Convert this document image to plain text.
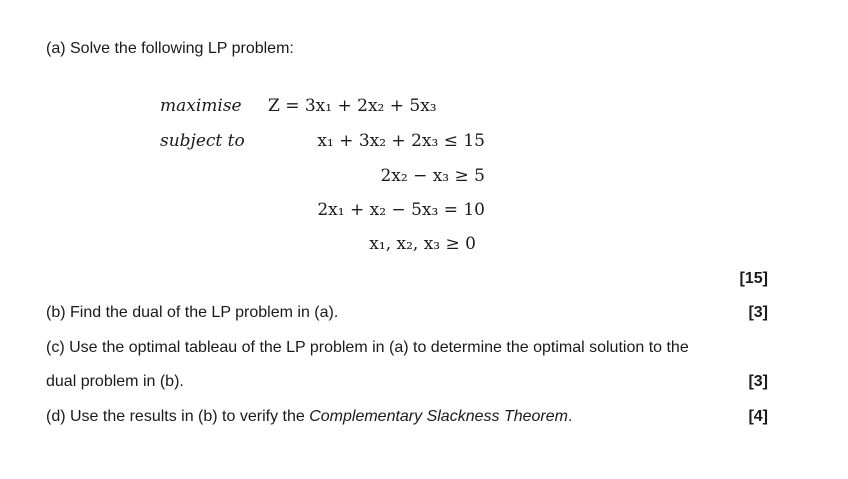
(a) Solve the following LP problem:
maximise Z = 3x₁ + 2x₂ + 5x₃
subject to	x₁ + 3x₂ + 2x₃ ≤ 15
2x₂ − x₃ ≥ 5
2x₁ + x₂ − 5x₃ = 10
x₁, x₂, x₃ ≥ 0
[15]
(b) Find the dual of the LP problem in (a).	[3]
(c) Use the optimal tableau of the LP problem in (a) to determine the optimal solution to the
dual problem in (b).	[3]
(d) Use the results in (b) to verify the Complementary Slackness Theorem.	[4]
